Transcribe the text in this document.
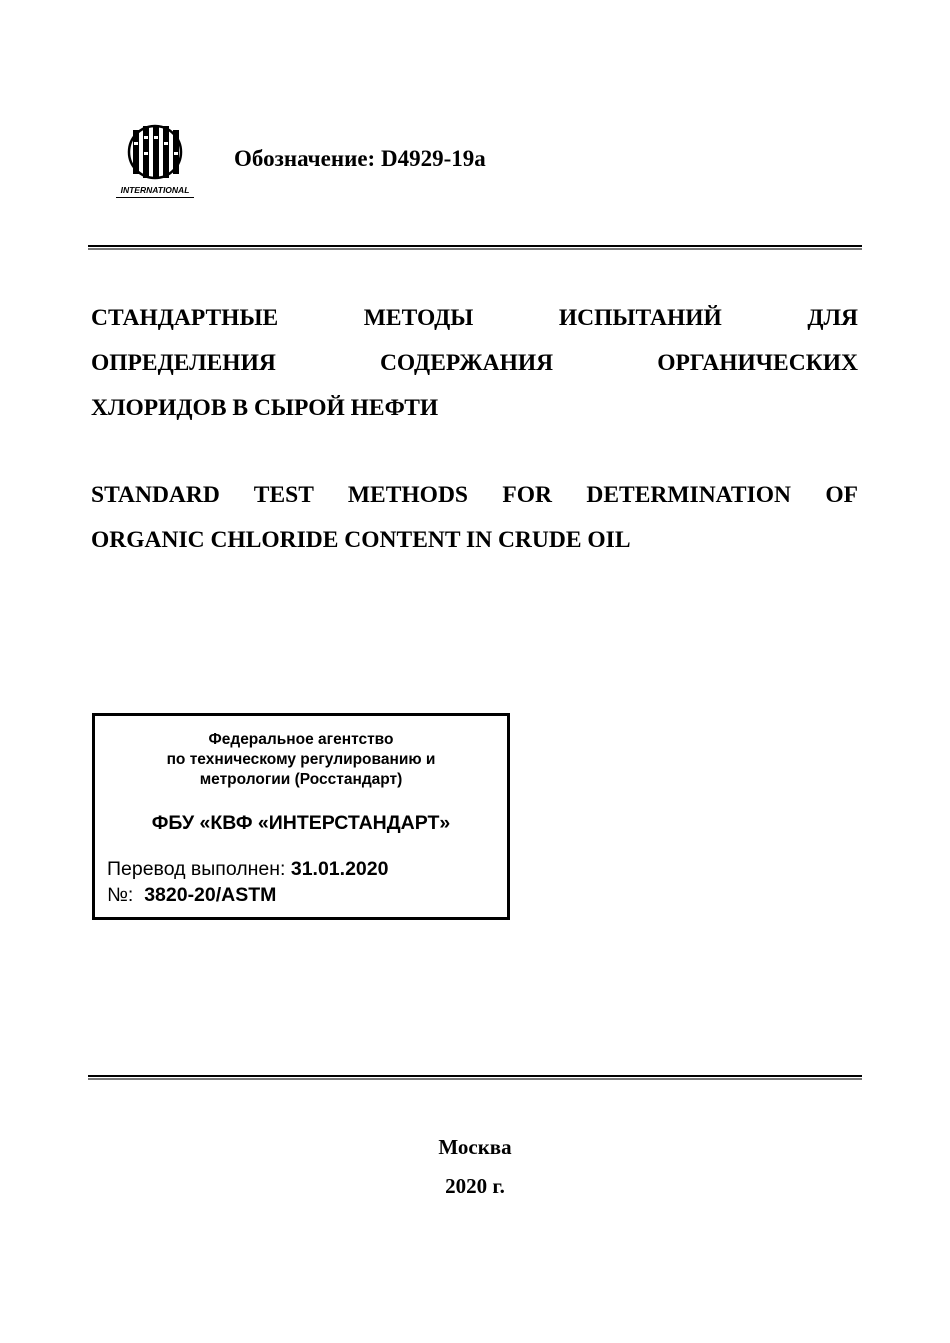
INTERNATIONAL
Обозначение: D4929-19a
СТАНДАРТНЫЕ МЕТОДЫ ИСПЫТАНИЙ ДЛЯ
ОПРЕДЕЛЕНИЯ СОДЕРЖАНИЯ ОРГАНИЧЕСКИХ
ХЛОРИДОВ В СЫРОЙ НЕФТИ
STANDARD TEST METHODS FOR DETERMINATION OF
ORGANIC CHLORIDE CONTENT IN CRUDE OIL
Федеральное агентство
по техническому регулированию и
метрологии (Росстандарт)
ФБУ «КВФ «ИНТЕРСТАНДАРТ»
Перевод выполнен: 31.01.2020
№: 3820-20/ASTM
Москва
2020 г.
